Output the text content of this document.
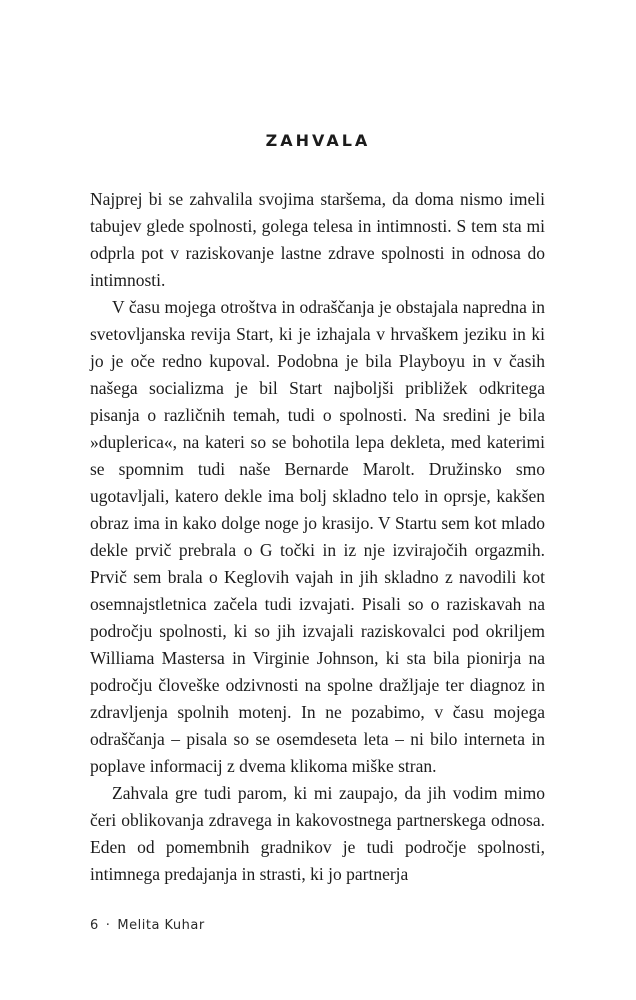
ZAHVALA

Najprej bi se zahvalila svojima staršema, da doma nismo imeli tabujev glede spolnosti, golega telesa in intimnosti. S tem sta mi odprla pot v raziskovanje lastne zdrave spolnosti in odnosa do intimnosti.

V času mojega otroštva in odraščanja je obstajala napredna in svetovljanska revija Start, ki je izhajala v hrvaškem jeziku in ki jo je oče redno kupoval. Podobna je bila Playboyu in v časih našega socializma je bil Start najboljši približek odkritega pisanja o različnih temah, tudi o spolnosti. Na sredini je bila »duplerica«, na kateri so se bohotila lepa dekleta, med katerimi se spomnim tudi naše Bernarde Marolt. Družinsko smo ugotavljali, katero dekle ima bolj skladno telo in oprsje, kakšen obraz ima in kako dolge noge jo krasijo. V Startu sem kot mlado dekle prvič prebrala o G točki in iz nje izvirajočih orgazmih. Prvič sem brala o Keglovih vajah in jih skladno z navodili kot osemnajstletnica začela tudi izvajati. Pisali so o raziskavah na področju spolnosti, ki so jih izvajali raziskovalci pod okriljem Williama Mastersa in Virginie Johnson, ki sta bila pionirja na področju človeške odzivnosti na spolne dražljaje ter diagnoz in zdravljenja spolnih motenj. In ne pozabimo, v času mojega odraščanja – pisala so se osemdeseta leta – ni bilo interneta in poplave informacij z dvema klikoma miške stran.

Zahvala gre tudi parom, ki mi zaupajo, da jih vodim mimo čeri oblikovanja zdravega in kakovostnega partnerskega odnosa. Eden od pomembnih gradnikov je tudi področje spolnosti, intimnega predajanja in strasti, ki jo partnerja

6 · Melita Kuhar
